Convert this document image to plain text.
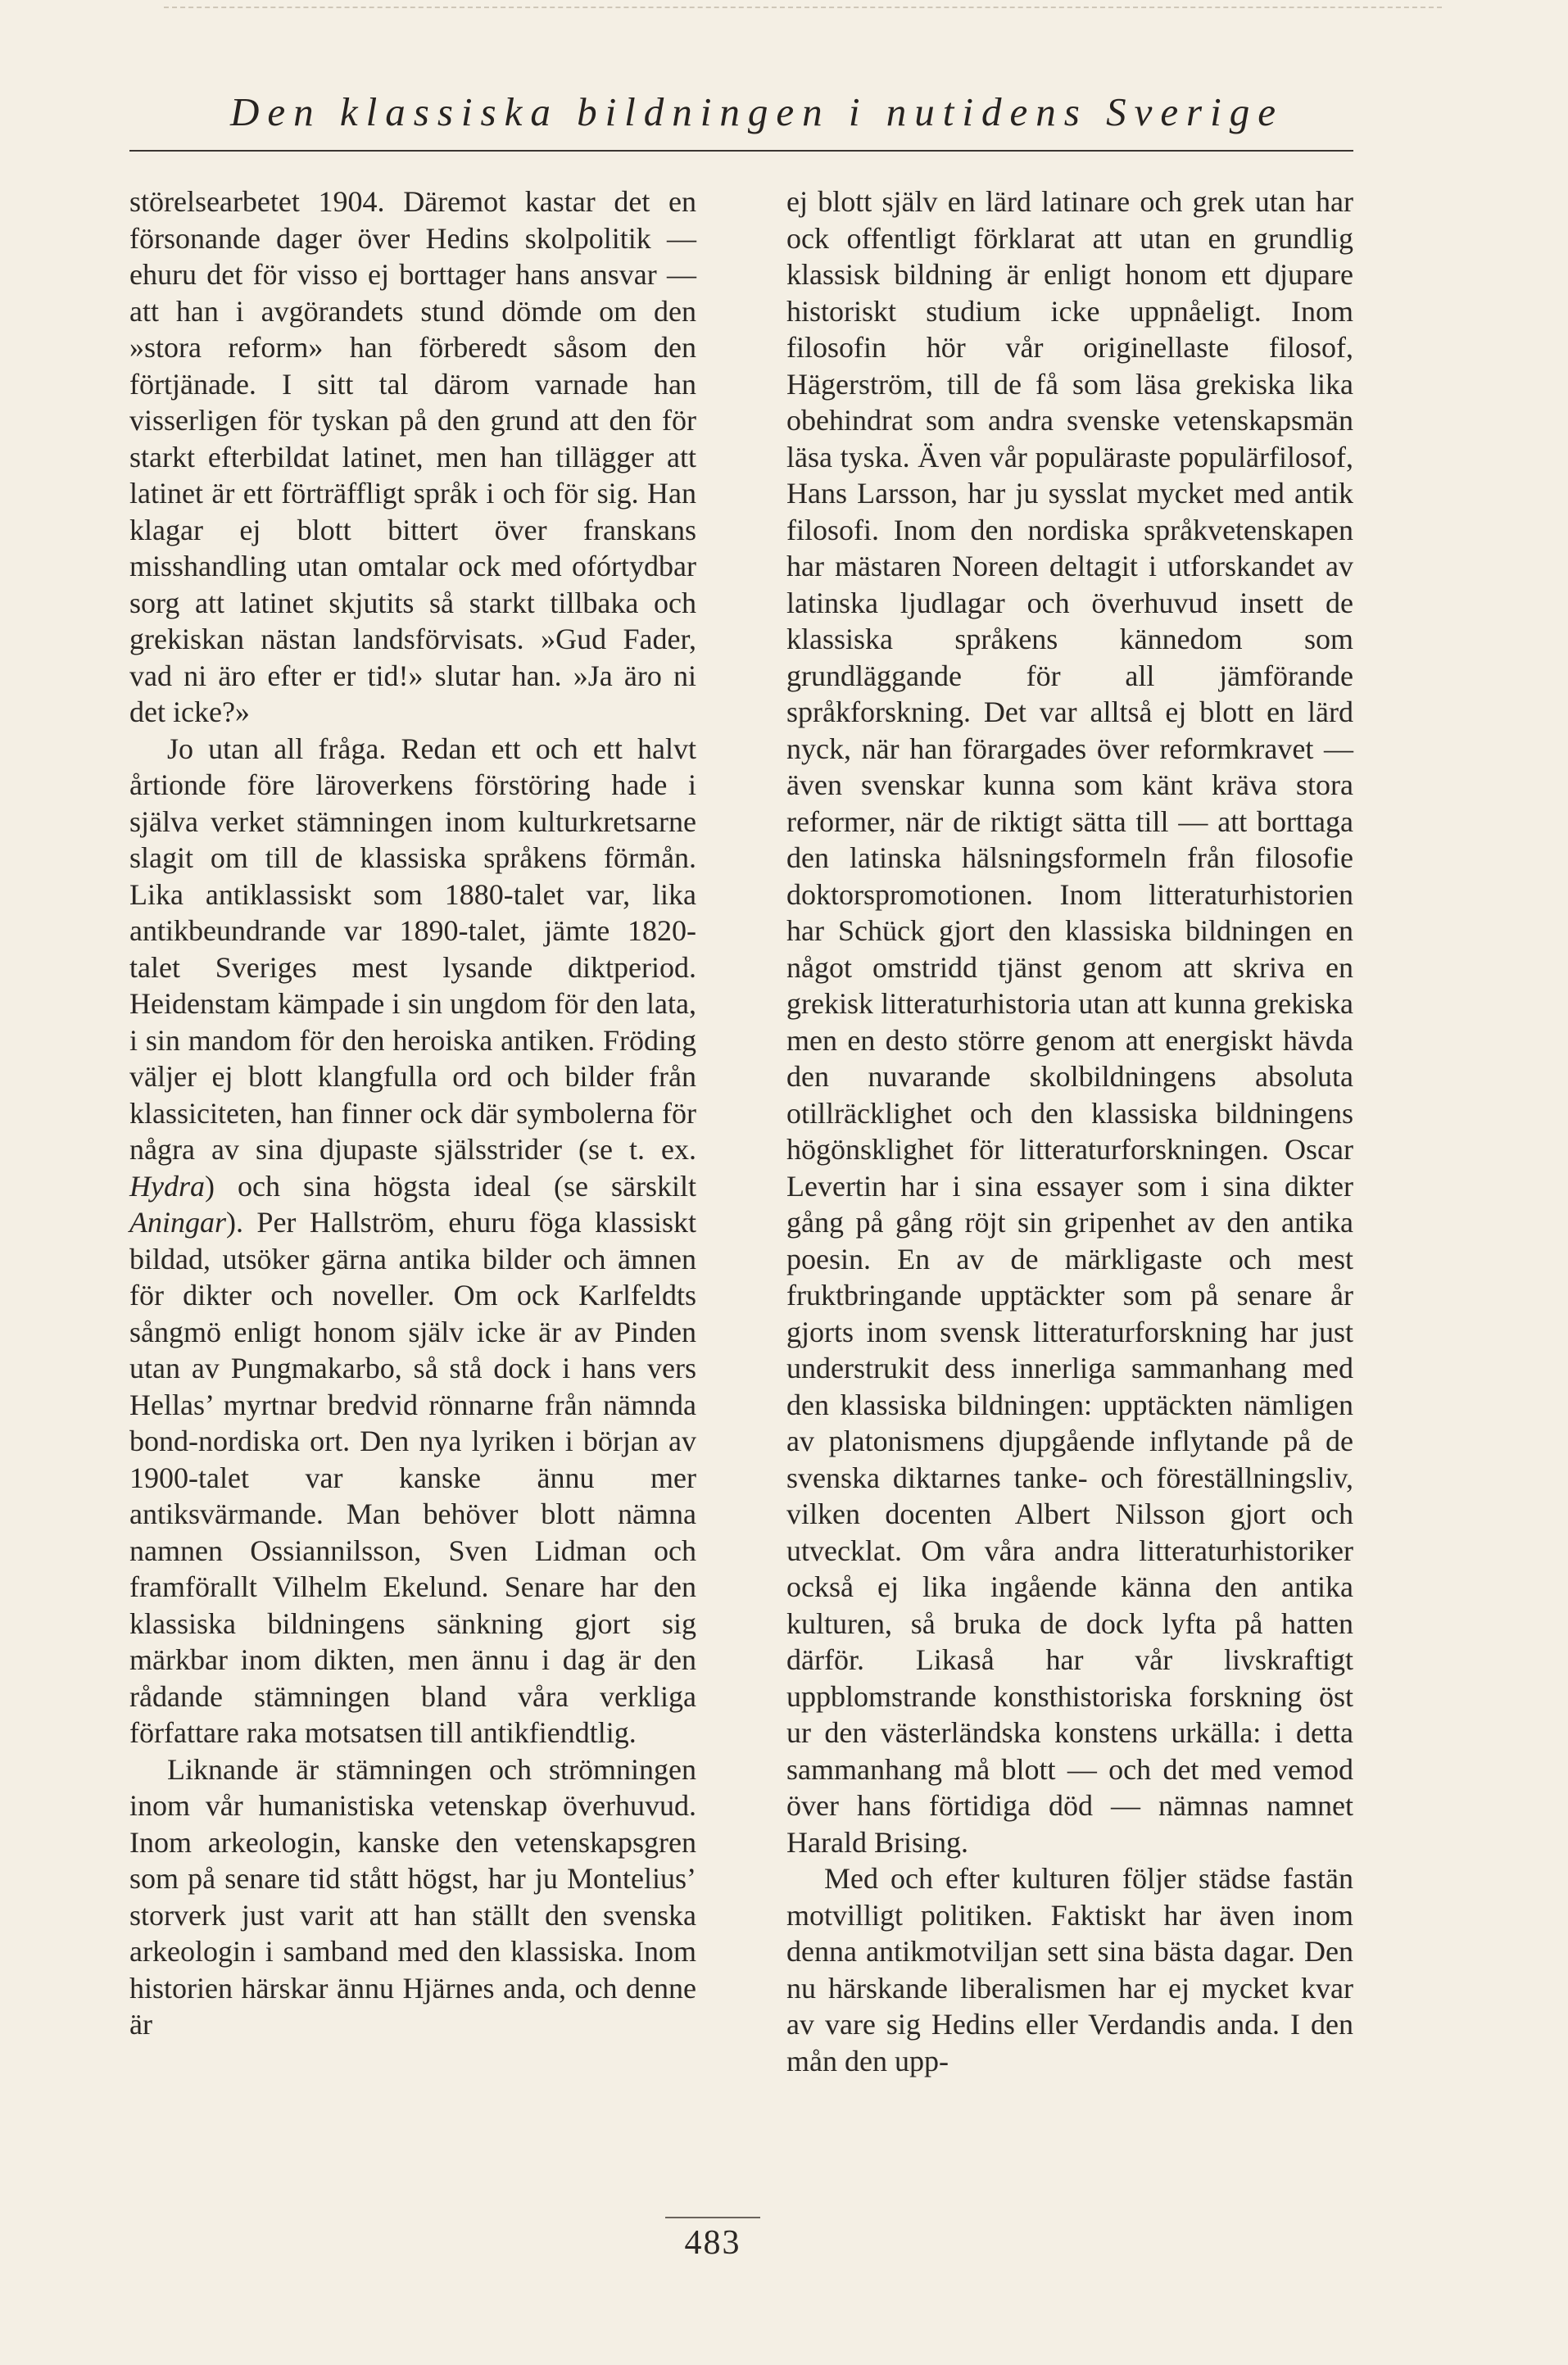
Den klassiska bildningen i nutidens Sverige

störelsearbetet 1904. Däremot kastar det en försonande dager över Hedins skolpolitik — ehuru det för visso ej borttager hans ansvar — att han i avgörandets stund dömde om den »stora reform» han förberedt såsom den förtjänade. I sitt tal därom varnade han visserligen för tyskan på den grund att den för starkt efterbildat latinet, men han tillägger att latinet är ett förträffligt språk i och för sig. Han klagar ej blott bittert över franskans misshandling utan omtalar ock med ofórtydbar sorg att latinet skjutits så starkt tillbaka och grekiskan nästan landsförvisats. »Gud Fader, vad ni äro efter er tid!» slutar han. »Ja äro ni det icke?»

Jo utan all fråga. Redan ett och ett halvt årtionde före läroverkens förstöring hade i själva verket stämningen inom kulturkretsarne slagit om till de klassiska språkens förmån. Lika antiklassiskt som 1880-talet var, lika antikbeundrande var 1890-talet, jämte 1820-talet Sveriges mest lysande diktperiod. Heidenstam kämpade i sin ungdom för den lata, i sin mandom för den heroiska antiken. Fröding väljer ej blott klangfulla ord och bilder från klassiciteten, han finner ock där symbolerna för några av sina djupaste själsstrider (se t. ex. Hydra) och sina högsta ideal (se särskilt Aningar). Per Hallström, ehuru föga klassiskt bildad, utsöker gärna antika bilder och ämnen för dikter och noveller. Om ock Karlfeldts sångmö enligt honom själv icke är av Pinden utan av Pungmakarbo, så stå dock i hans vers Hellas’ myrtnar bredvid rönnarne från nämnda bond-nordiska ort. Den nya lyriken i början av 1900-talet var kanske ännu mer antiksvärmande. Man behöver blott nämna namnen Ossiannilsson, Sven Lidman och framförallt Vilhelm Ekelund. Senare har den klassiska bildningens sänkning gjort sig märkbar inom dikten, men ännu i dag är den rådande stämningen bland våra verkliga författare raka motsatsen till antikfiendtlig.

Liknande är stämningen och strömningen inom vår humanistiska vetenskap överhuvud. Inom arkeologin, kanske den vetenskapsgren som på senare tid stått högst, har ju Montelius’ storverk just varit att han ställt den svenska arkeologin i samband med den klassiska. Inom historien härskar ännu Hjärnes anda, och denne är

ej blott själv en lärd latinare och grek utan har ock offentligt förklarat att utan en grundlig klassisk bildning är enligt honom ett djupare historiskt studium icke uppnåeligt. Inom filosofin hör vår originellaste filosof, Hägerström, till de få som läsa grekiska lika obehindrat som andra svenske vetenskapsmän läsa tyska. Även vår populäraste populärfilosof, Hans Larsson, har ju sysslat mycket med antik filosofi. Inom den nordiska språkvetenskapen har mästaren Noreen deltagit i utforskandet av latinska ljudlagar och överhuvud insett de klassiska språkens kännedom som grundläggande för all jämförande språkforskning. Det var alltså ej blott en lärd nyck, när han förargades över reformkravet — även svenskar kunna som känt kräva stora reformer, när de riktigt sätta till — att borttaga den latinska hälsningsformeln från filosofie doktorspromotionen. Inom litteraturhistorien har Schück gjort den klassiska bildningen en något omstridd tjänst genom att skriva en grekisk litteraturhistoria utan att kunna grekiska men en desto större genom att energiskt hävda den nuvarande skolbildningens absoluta otillräcklighet och den klassiska bildningens högönsklighet för litteraturforskningen. Oscar Levertin har i sina essayer som i sina dikter gång på gång röjt sin gripenhet av den antika poesin. En av de märkligaste och mest fruktbringande upptäckter som på senare år gjorts inom svensk litteraturforskning har just understrukit dess innerliga sammanhang med den klassiska bildningen: upptäckten nämligen av platonismens djupgående inflytande på de svenska diktarnes tanke- och föreställningsliv, vilken docenten Albert Nilsson gjort och utvecklat. Om våra andra litteraturhistoriker också ej lika ingående känna den antika kulturen, så bruka de dock lyfta på hatten därför. Likaså har vår livskraftigt uppblomstrande konsthistoriska forskning öst ur den västerländska konstens urkälla: i detta sammanhang må blott — och det med vemod över hans förtidiga död — nämnas namnet Harald Brising.

Med och efter kulturen följer städse fastän motvilligt politiken. Faktiskt har även inom denna antikmotviljan sett sina bästa dagar. Den nu härskande liberalismen har ej mycket kvar av vare sig Hedins eller Verdandis anda. I den mån den upp-

483
